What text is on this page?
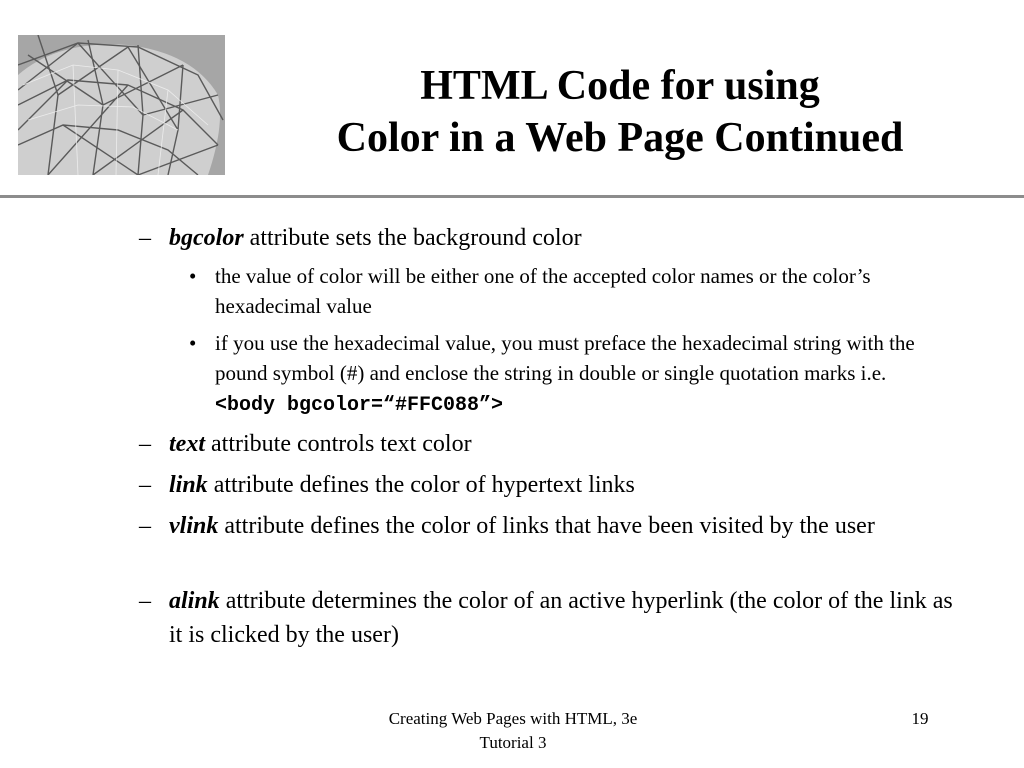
HTML Code for using
Color in a Web Page Continued
– bgcolor attribute sets the background color
• the value of color will be either one of the accepted color names or the color’s hexadecimal value
• if you use the hexadecimal value, you must preface the hexadecimal string with the pound symbol (#) and enclose the string in double or single quotation marks i.e. <body bgcolor=“#FFC088”>
– text attribute controls text color
– link attribute defines the color of hypertext links
– vlink attribute defines the color of links that have been visited by the user
– alink attribute determines the color of an active hyperlink (the color of the link as it is clicked by the user)
Creating Web Pages with HTML, 3e
Tutorial 3
19
